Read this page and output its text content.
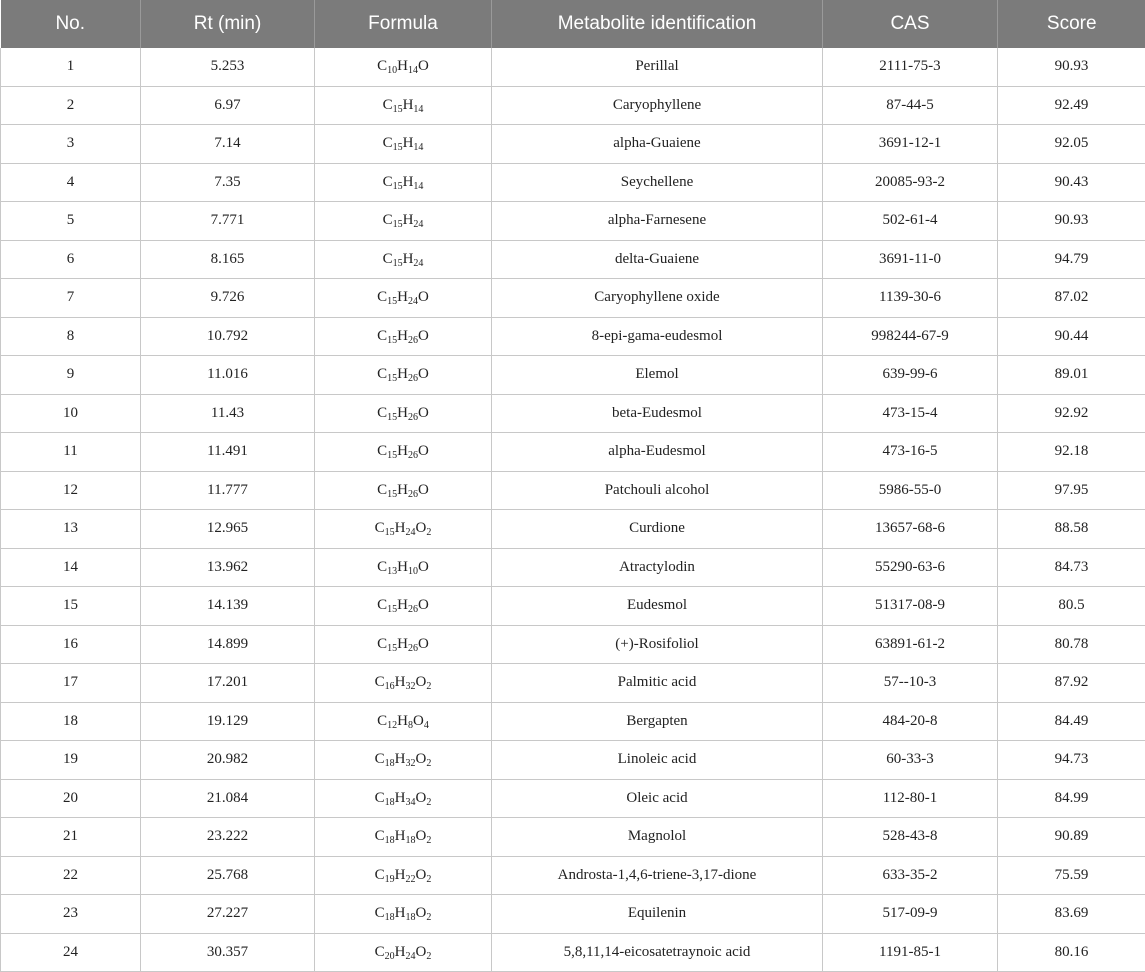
No.	Rt (min)	Formula	Metabolite identification	CAS	Score
1	5.253	$C_{10}H_{14}O$	Perillal	2111-75-3	90.93
2	6.97	$C_{15}H_{14}$	Caryophyllene	87-44-5	92.49
3	7.14	$C_{15}H_{14}$	alpha-Guaiene	3691-12-1	92.05
4	7.35	$C_{15}H_{14}$	Seychellene	20085-93-2	90.43
5	7.771	$C_{15}H_{24}$	alpha-Farnesene	502-61-4	90.93
6	8.165	$C_{15}H_{24}$	delta-Guaiene	3691-11-0	94.79
7	9.726	$C_{15}H_{24}O$	Caryophyllene oxide	1139-30-6	87.02
8	10.792	$C_{15}H_{26}O$	8-epi-gama-eudesmol	998244-67-9	90.44
9	11.016	$C_{15}H_{26}O$	Elemol	639-99-6	89.01
10	11.43	$C_{15}H_{26}O$	beta-Eudesmol	473-15-4	92.92
11	11.491	$C_{15}H_{26}O$	alpha-Eudesmol	473-16-5	92.18
12	11.777	$C_{15}H_{26}O$	Patchouli alcohol	5986-55-0	97.95
13	12.965	$C_{15}H_{24}O_2$	Curdione	13657-68-6	88.58
14	13.962	$C_{13}H_{10}O$	Atractylodin	55290-63-6	84.73
15	14.139	$C_{15}H_{26}O$	Eudesmol	51317-08-9	80.5
16	14.899	$C_{15}H_{26}O$	(+)-Rosifoliol	63891-61-2	80.78
17	17.201	$C_{16}H_{32}O_2$	Palmitic acid	57--10-3	87.92
18	19.129	$C_{12}H_8O_4$	Bergapten	484-20-8	84.49
19	20.982	$C_{18}H_{32}O_2$	Linoleic acid	60-33-3	94.73
20	21.084	$C_{18}H_{34}O_2$	Oleic acid	112-80-1	84.99
21	23.222	$C_{18}H_{18}O_2$	Magnolol	528-43-8	90.89
22	25.768	$C_{19}H_{22}O_2$	Androsta-1,4,6-triene-3,17-dione	633-35-2	75.59
23	27.227	$C_{18}H_{18}O_2$	Equilenin	517-09-9	83.69
24	30.357	$C_{20}H_{24}O_2$	5,8,11,14-eicosatetraynoic acid	1191-85-1	80.16
